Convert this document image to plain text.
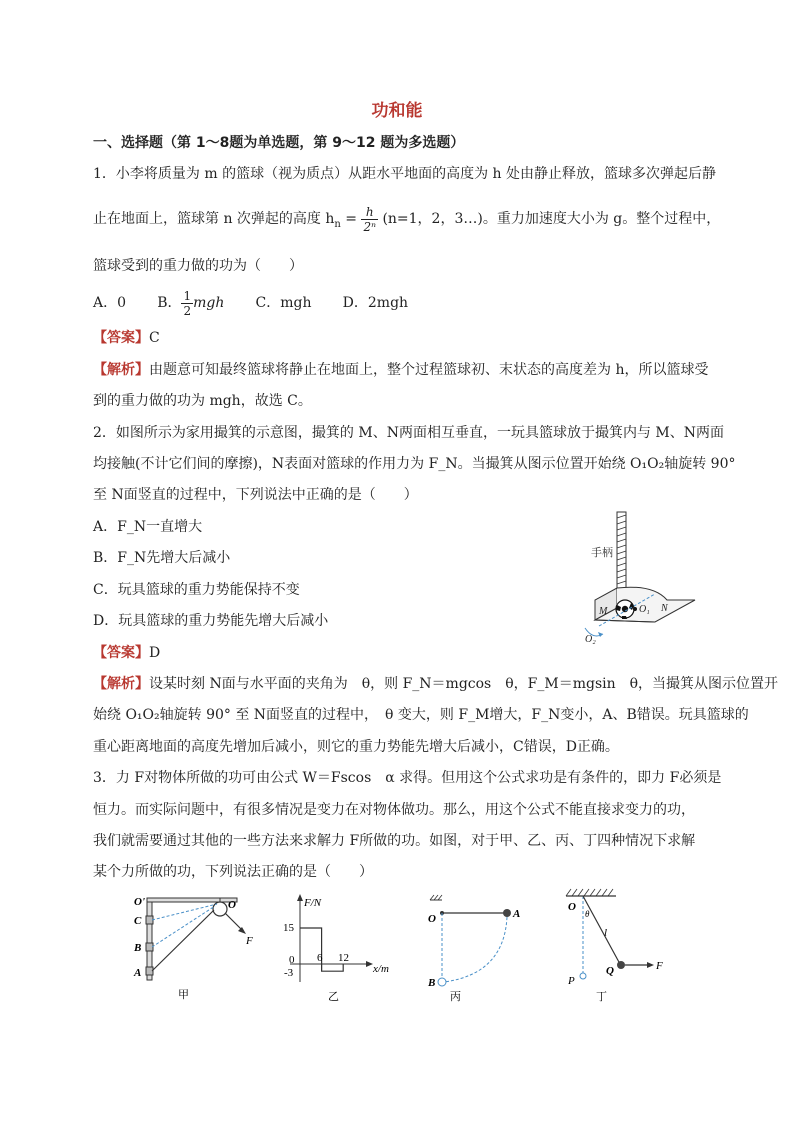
功和能
一、选择题（第 1～8题为单选题，第 9～12 题为多选题）
1．小李将质量为 m 的篮球（视为质点）从距水平地面的高度为 h 处由静止释放，篮球多次弹起后静
止在地面上，篮球第 n 次弹起的高度 $h_n = \frac{h}{\text{2ⁿ}} (n=1$，2，3…)。重力加速度大小为 g。整个过程中，
篮球受到的重力做的功为（　　）
A．0 B． $\frac{1}{2}$ mgh C．mgh D．2mgh
【答案】C
【解析】由题意可知最终篮球将静止在地面上，整个过程篮球初、末状态的高度差为 h，所以篮球受
到的重力做的功为 mgh，故选 C。
2．如图所示为家用撮箕的示意图，撮箕的 M、N两面相互垂直，一玩具篮球放于撮箕内与 M、N两面
均接触(不计它们间的摩擦)，N表面对篮球的作用力为 F_N。当撮箕从图示位置开始绕 O₁O₂轴旋转 90°
至 N面竖直的过程中，下列说法中正确的是（　　）
A．F_N一直增大
B．F_N先增大后减小
C．玩具篮球的重力势能保持不变
D．玩具篮球的重力势能先增大后减小
手柄
M	O₁ N
O₂
【答案】D
【解析】设某时刻 N面与水平面的夹角为　θ，则 F_N＝mgcos　θ，F_M＝mgsin　θ，当撮箕从图示位置开
始绕 O₁O₂轴旋转 90° 至 N面竖直的过程中，　θ 变大，则 F_M增大，F_N变小，A、B错误。玩具篮球的
重心距离地面的高度先增加后减小，则它的重力势能先增大后减小，C错误，D正确。
3．力 F对物体所做的功可由公式 W＝Fscos　α 求得。但用这个公式求功是有条件的，即力 F必须是
恒力。而实际问题中，有很多情况是变力在对物体做功。那么，用这个公式不能直接求变力的功，
我们就需要通过其他的一些方法来求解力 F所做的功。如图，对于甲、乙、丙、丁四种情况下求解
某个力所做的功，下列说法正确的是（　　）
O'
C
B
A
O
F
甲
F/N
x/m
15
0
-3
6 12
乙
O	A
B
丙
O
θ
l
Q	F
P
丁
